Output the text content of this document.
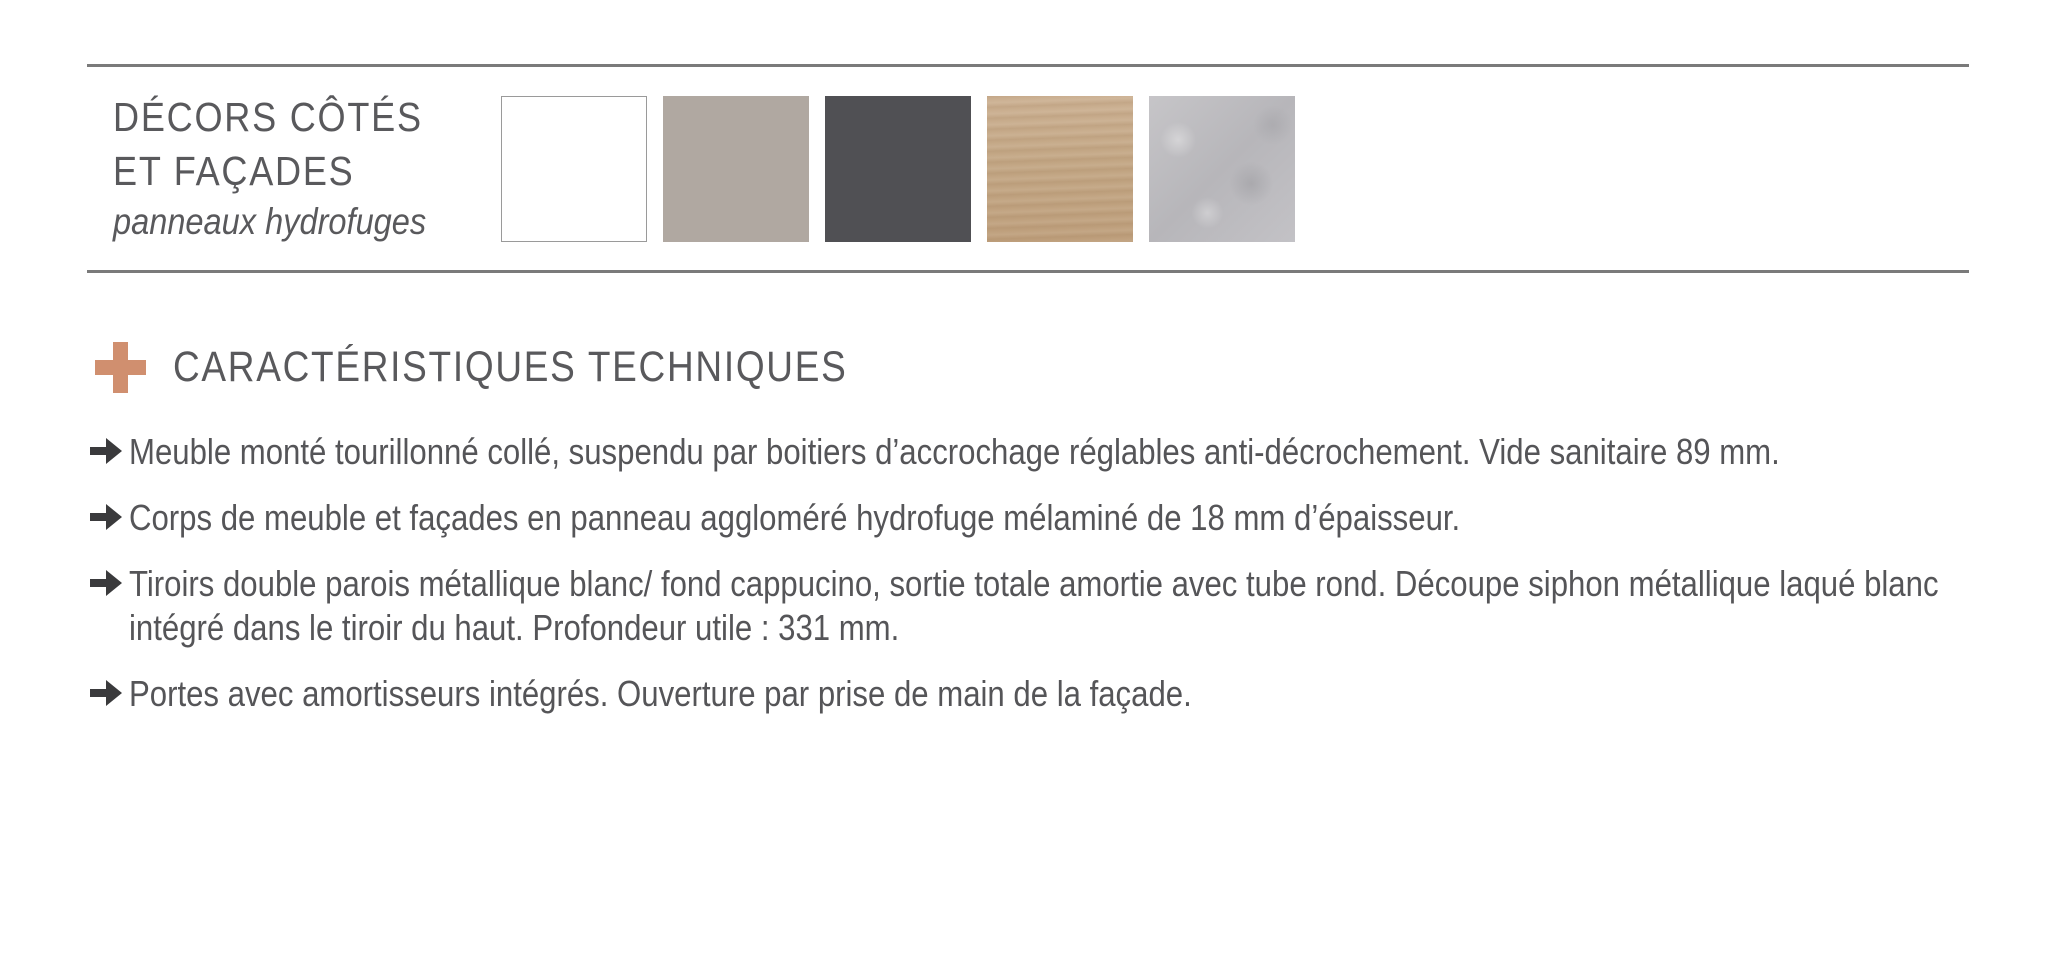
DÉCORS CÔTÉS
ET FAÇADES
panneaux hydrofuges
CARACTÉRISTIQUES TECHNIQUES
Meuble monté tourillonné collé, suspendu par boitiers d’accrochage réglables anti-décrochement. Vide sanitaire 89 mm.
Corps de meuble et façades en panneau aggloméré hydrofuge mélaminé de 18 mm d’épaisseur.
Tiroirs double parois métallique blanc/ fond cappucino, sortie totale amortie avec tube rond. Découpe siphon métallique laqué blanc intégré dans le tiroir du haut. Profondeur utile : 331 mm.
Portes avec amortisseurs intégrés. Ouverture par prise de main de la façade.
